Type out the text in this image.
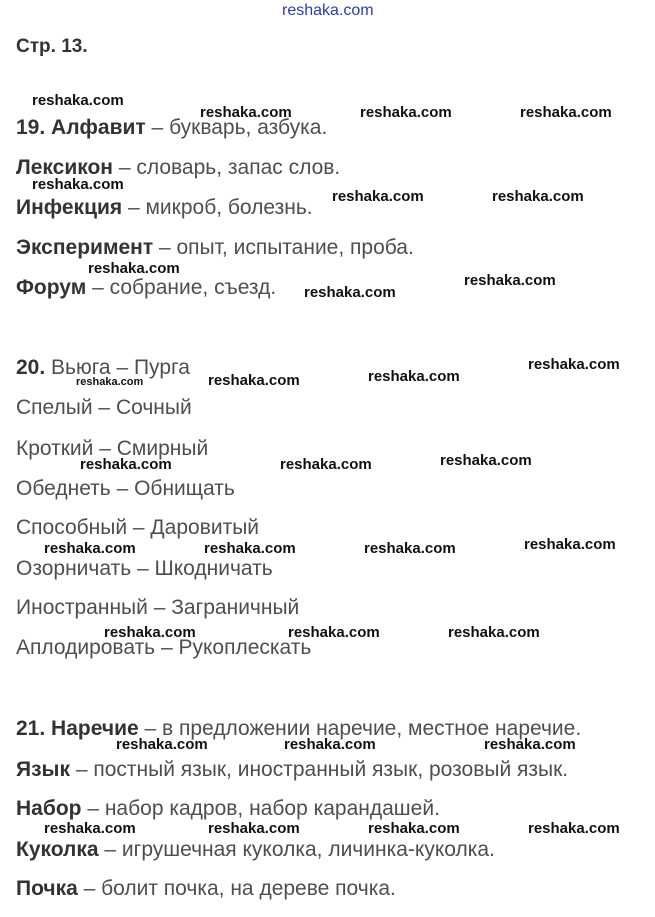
reshaka.com
Стр. 13.
19. Алфавит – букварь, азбука.
Лексикон – словарь, запас слов.
Инфекция – микроб, болезнь.
Эксперимент – опыт, испытание, проба.
Форум – собрание, съезд.
20. Вьюга – Пурга
Спелый – Сочный
Кроткий – Смирный
Обеднеть – Обнищать
Способный – Даровитый
Озорничать – Шкодничать
Иностранный – Заграничный
Аплодировать – Рукоплескать
21. Наречие – в предложении наречие, местное наречие.
Язык – постный язык, иностранный язык, розовый язык.
Набор – набор кадров, набор карандашей.
Куколка – игрушечная куколка, личинка-куколка.
Почка – болит почка, на дереве почка.
reshaka.com
reshaka.com	reshaka.com	reshaka.com
reshaka.com
reshaka.com	reshaka.com
reshaka.com
reshaka.com
reshaka.com
reshaka.com
reshaka.com
reshaka.com
reshaka.com
reshaka.com
reshaka.com	reshaka.com
reshaka.com
reshaka.com	reshaka.com	reshaka.com
reshaka.com	reshaka.com	reshaka.com
reshaka.com	reshaka.com	reshaka.com
reshaka.com	reshaka.com	reshaka.com	reshaka.com
